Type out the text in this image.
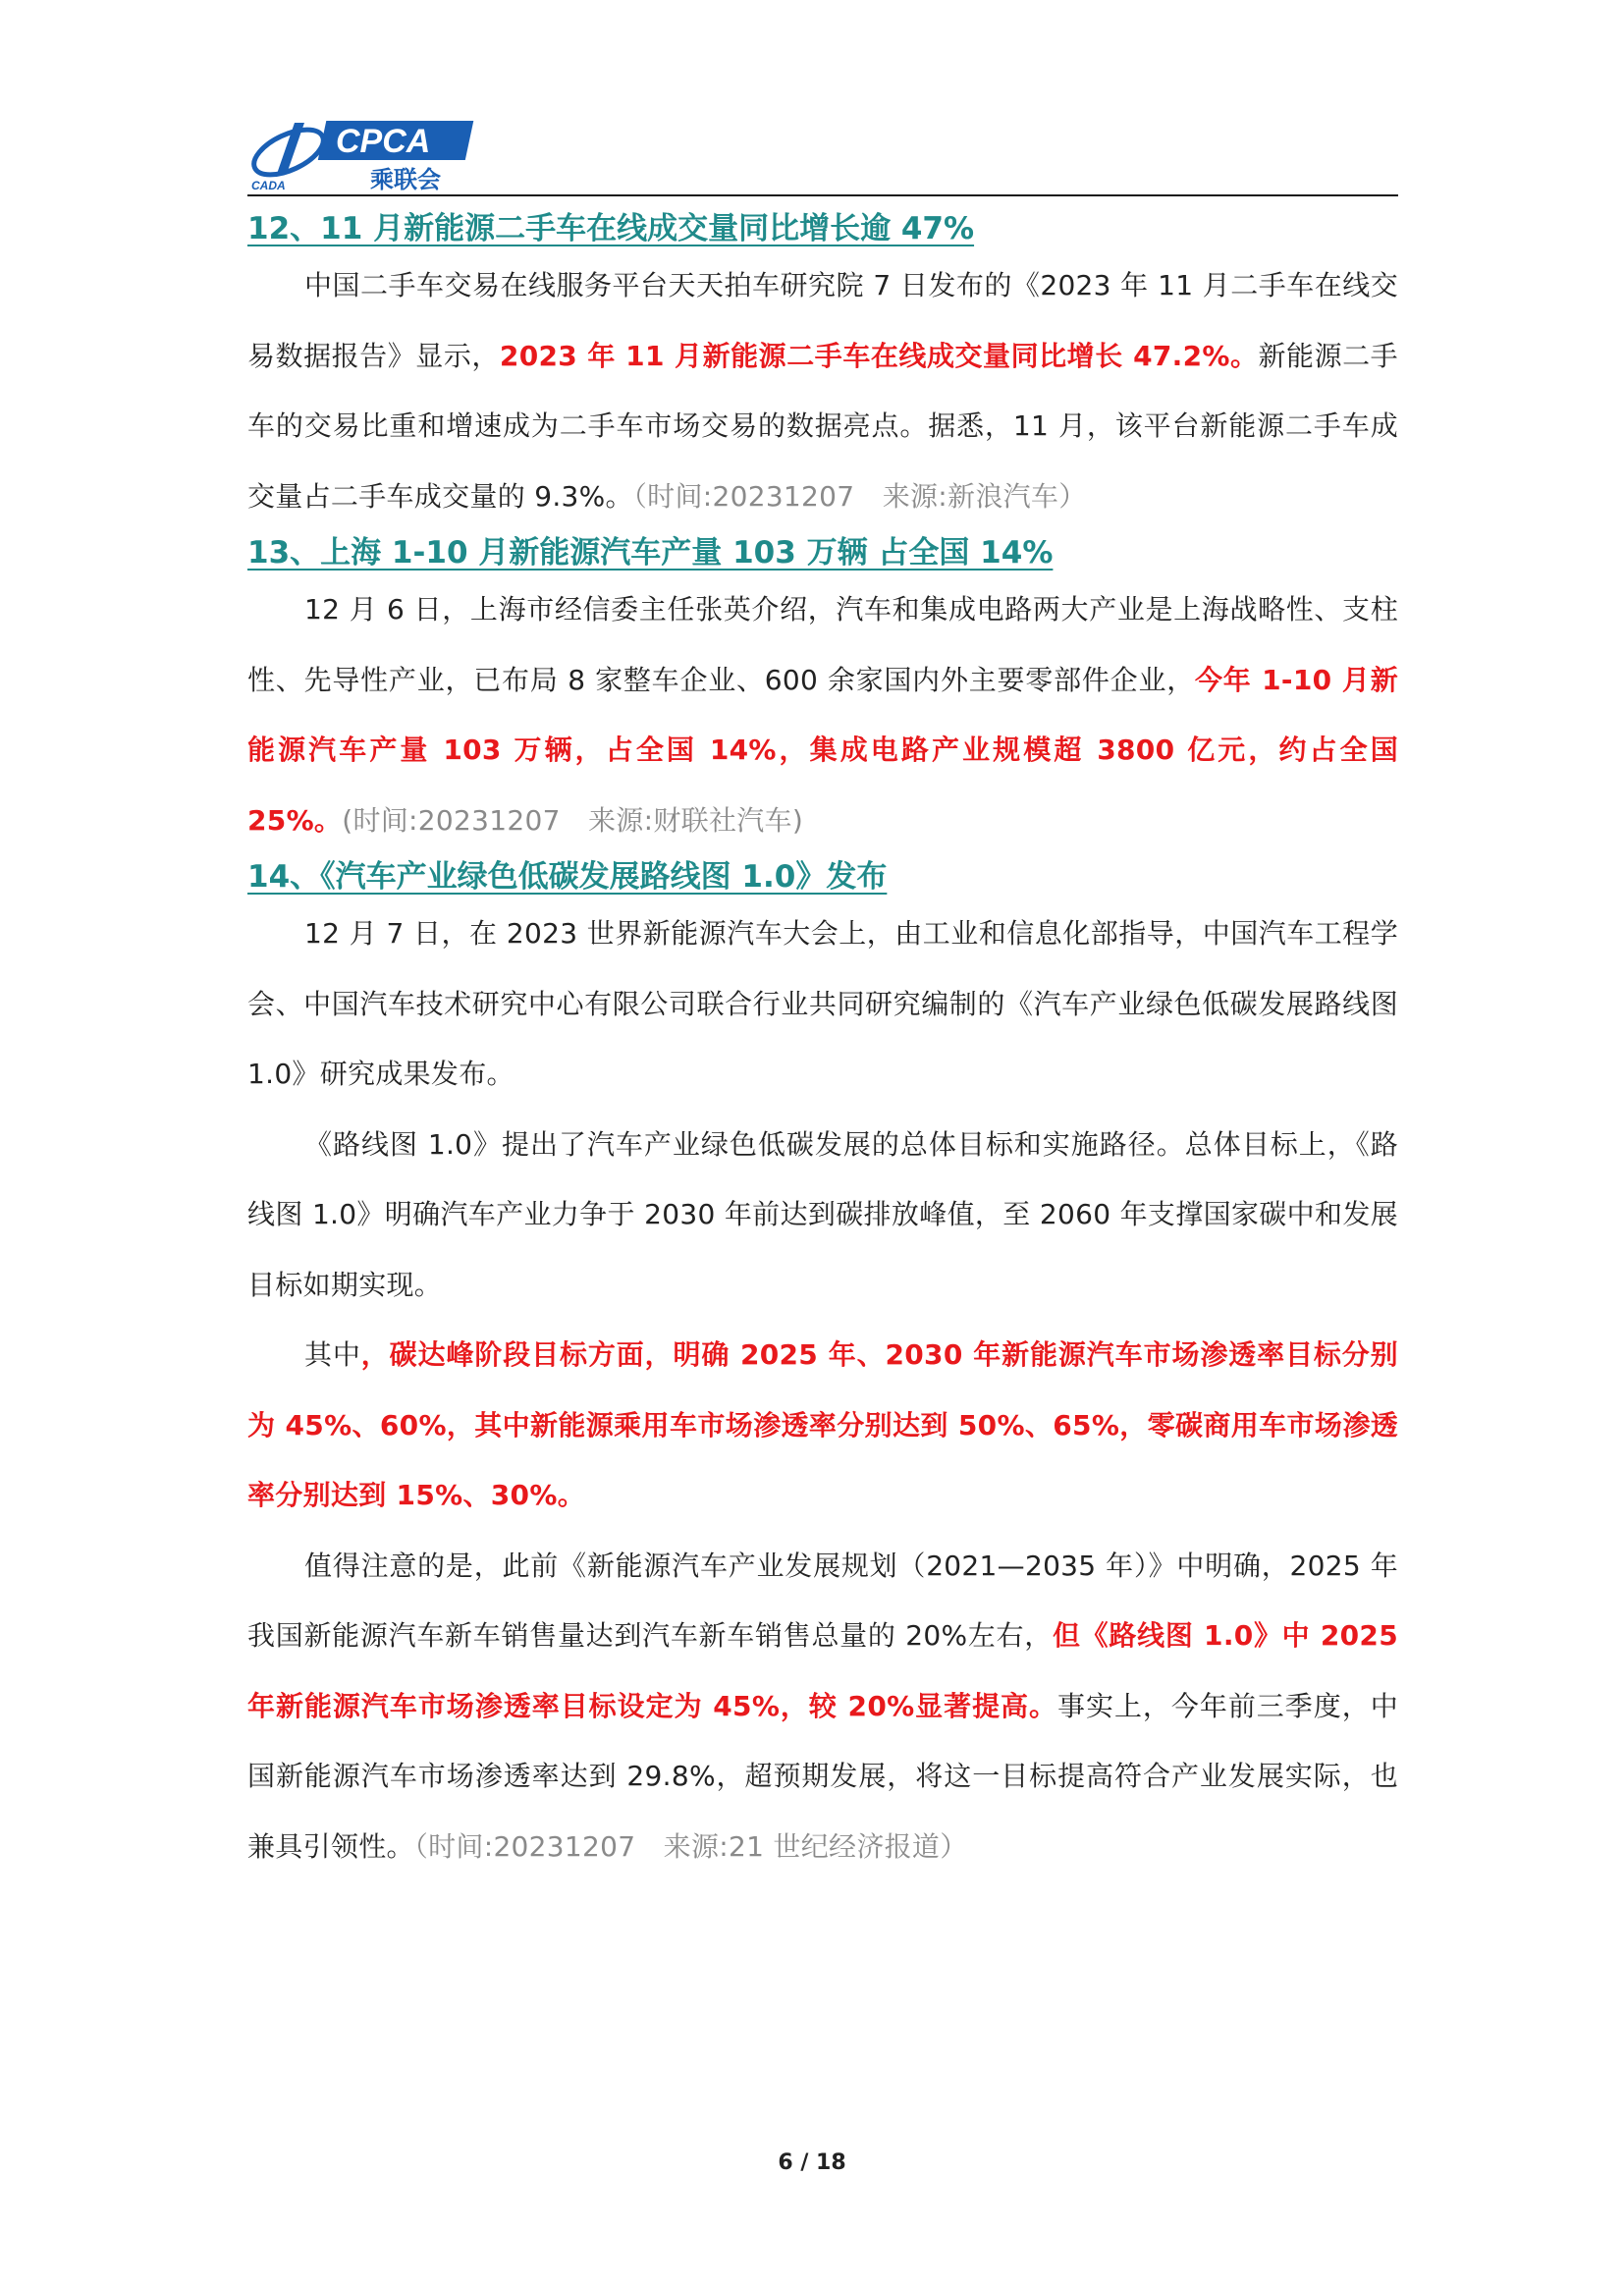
CPCA
乘联会
CADA
12、11 月新能源二手车在线成交量同比增长逾 47%

中国二手车交易在线服务平台天天拍车研究院 7 日发布的《2023 年 11 月二手车在线交易数据报告》显示，2023 年 11 月新能源二手车在线成交量同比增长 47.2%。新能源二手车的交易比重和增速成为二手车市场交易的数据亮点。据悉，11 月，该平台新能源二手车成交量占二手车成交量的 9.3%。（时间:20231207　来源:新浪汽车）

13、上海 1-10 月新能源汽车产量 103 万辆 占全国 14%

12 月 6 日，上海市经信委主任张英介绍，汽车和集成电路两大产业是上海战略性、支柱性、先导性产业，已布局 8 家整车企业、600 余家国内外主要零部件企业，今年 1-10 月新能源汽车产量 103 万辆，占全国 14%，集成电路产业规模超 3800 亿元，约占全国 25%。(时间:20231207　来源:财联社汽车)

14、《汽车产业绿色低碳发展路线图 1.0》发布

12 月 7 日，在 2023 世界新能源汽车大会上，由工业和信息化部指导，中国汽车工程学会、中国汽车技术研究中心有限公司联合行业共同研究编制的《汽车产业绿色低碳发展路线图 1.0》研究成果发布。

《路线图 1.0》提出了汽车产业绿色低碳发展的总体目标和实施路径。总体目标上，《路线图 1.0》明确汽车产业力争于 2030 年前达到碳排放峰值，至 2060 年支撑国家碳中和发展目标如期实现。

其中，碳达峰阶段目标方面，明确 2025 年、2030 年新能源汽车市场渗透率目标分别为 45%、60%，其中新能源乘用车市场渗透率分别达到 50%、65%，零碳商用车市场渗透率分别达到 15%、30%。

值得注意的是，此前《新能源汽车产业发展规划（2021—2035 年）》中明确，2025 年我国新能源汽车新车销售量达到汽车新车销售总量的 20%左右，但《路线图 1.0》中 2025 年新能源汽车市场渗透率目标设定为 45%，较 20%显著提高。事实上，今年前三季度，中国新能源汽车市场渗透率达到 29.8%，超预期发展，将这一目标提高符合产业发展实际，也兼具引领性。（时间:20231207　来源:21 世纪经济报道）

6 / 18
